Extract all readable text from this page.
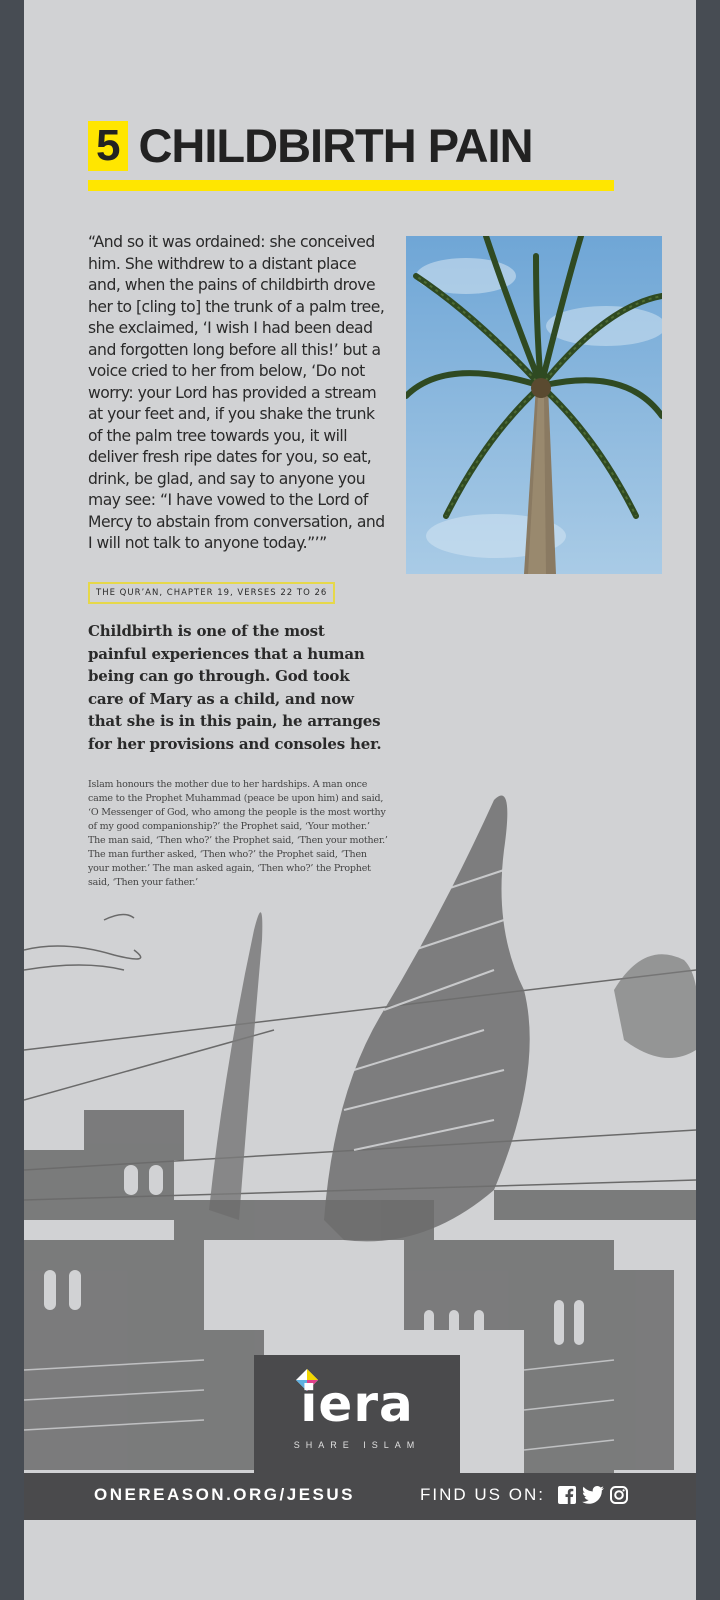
5 CHILDBIRTH PAIN
“And so it was ordained: she conceived him. She withdrew to a distant place and, when the pains of childbirth drove her to [cling to] the trunk of a palm tree, she exclaimed, ‘I wish I had been dead and forgotten long before all this!’ but a voice cried to her from below, ‘Do not worry: your Lord has provided a stream at your feet and, if you shake the trunk of the palm tree towards you, it will deliver fresh ripe dates for you, so eat, drink, be glad, and say to anyone you may see: “I have vowed to the Lord of Mercy to abstain from conversation, and I will not talk to anyone today.”’”
THE QUR’AN, CHAPTER 19, VERSES 22 TO 26
Childbirth is one of the most painful experiences that a human being can go through. God took care of Mary as a child, and now that she is in this pain, he arranges for her provisions and consoles her.
Islam honours the mother due to her hardships. A man once came to the Prophet Muhammad (peace be upon him) and said, ‘O Messenger of God, who among the people is the most worthy of my good companionship?’ the Prophet said, ‘Your mother.’ The man said, ‘Then who?’ the Prophet said, ‘Then your mother.’ The man further asked, ‘Then who?’ the Prophet said, ‘Then your mother.’ The man asked again, ‘Then who?’ the Prophet said, ‘Then your father.’
iera
SHARE ISLAM
ONEREASON.ORG/JESUS	FIND US ON:
